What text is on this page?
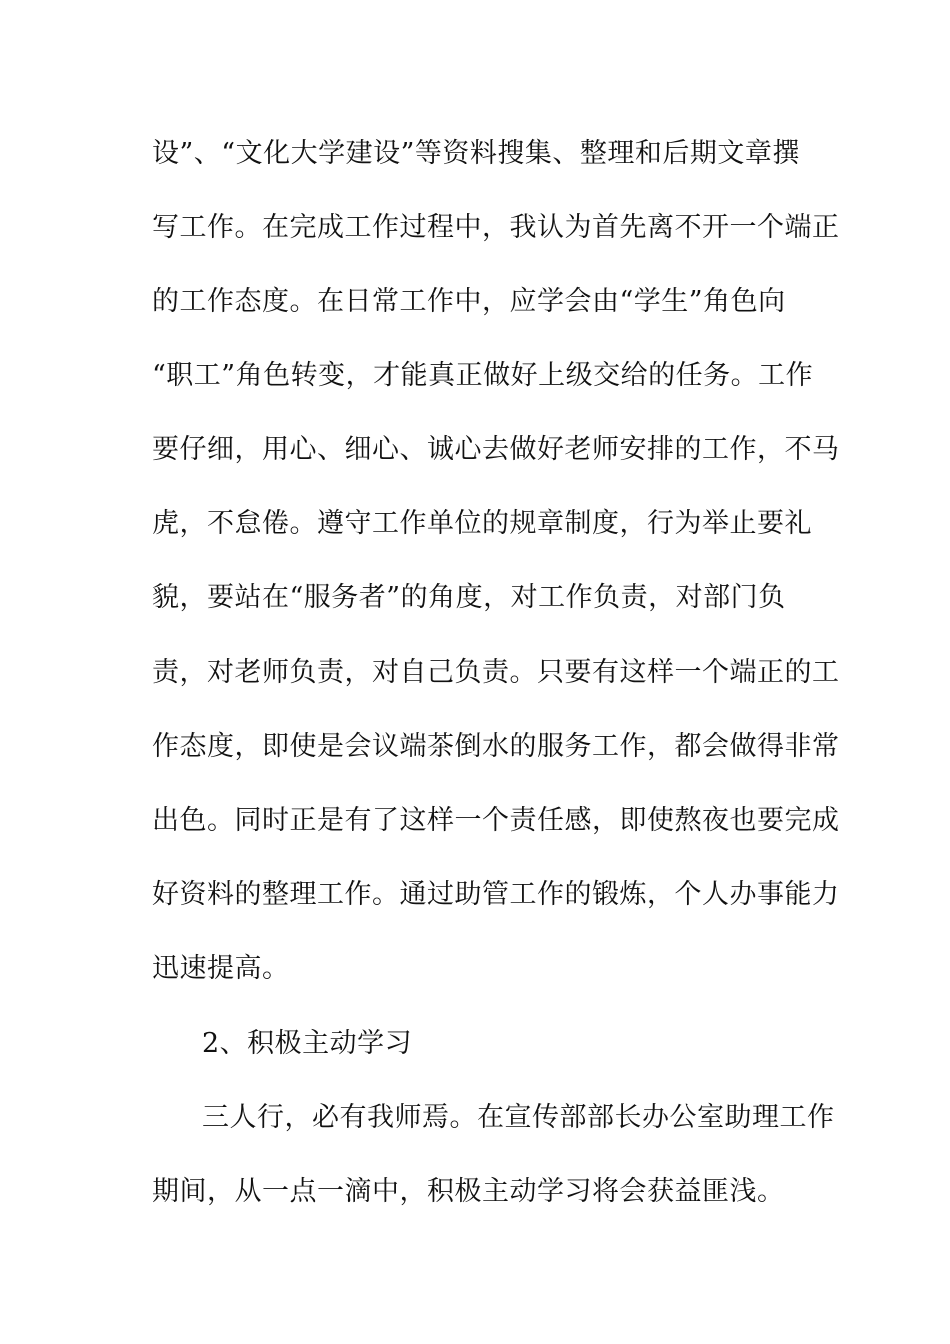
设”、“文化大学建设”等资料搜集、整理和后期文章撰
写工作。在完成工作过程中，我认为首先离不开一个端正
的工作态度。在日常工作中，应学会由“学生”角色向
“职工”角色转变，才能真正做好上级交给的任务。工作
要仔细，用心、细心、诚心去做好老师安排的工作，不马
虎，不怠倦。遵守工作单位的规章制度，行为举止要礼
貌，要站在“服务者”的角度，对工作负责，对部门负
责，对老师负责，对自己负责。只要有这样一个端正的工
作态度，即使是会议端茶倒水的服务工作，都会做得非常
出色。同时正是有了这样一个责任感，即使熬夜也要完成
好资料的整理工作。通过助管工作的锻炼，个人办事能力
迅速提高。
2、积极主动学习
三人行，必有我师焉。在宣传部部长办公室助理工作
期间，从一点一滴中，积极主动学习将会获益匪浅。
